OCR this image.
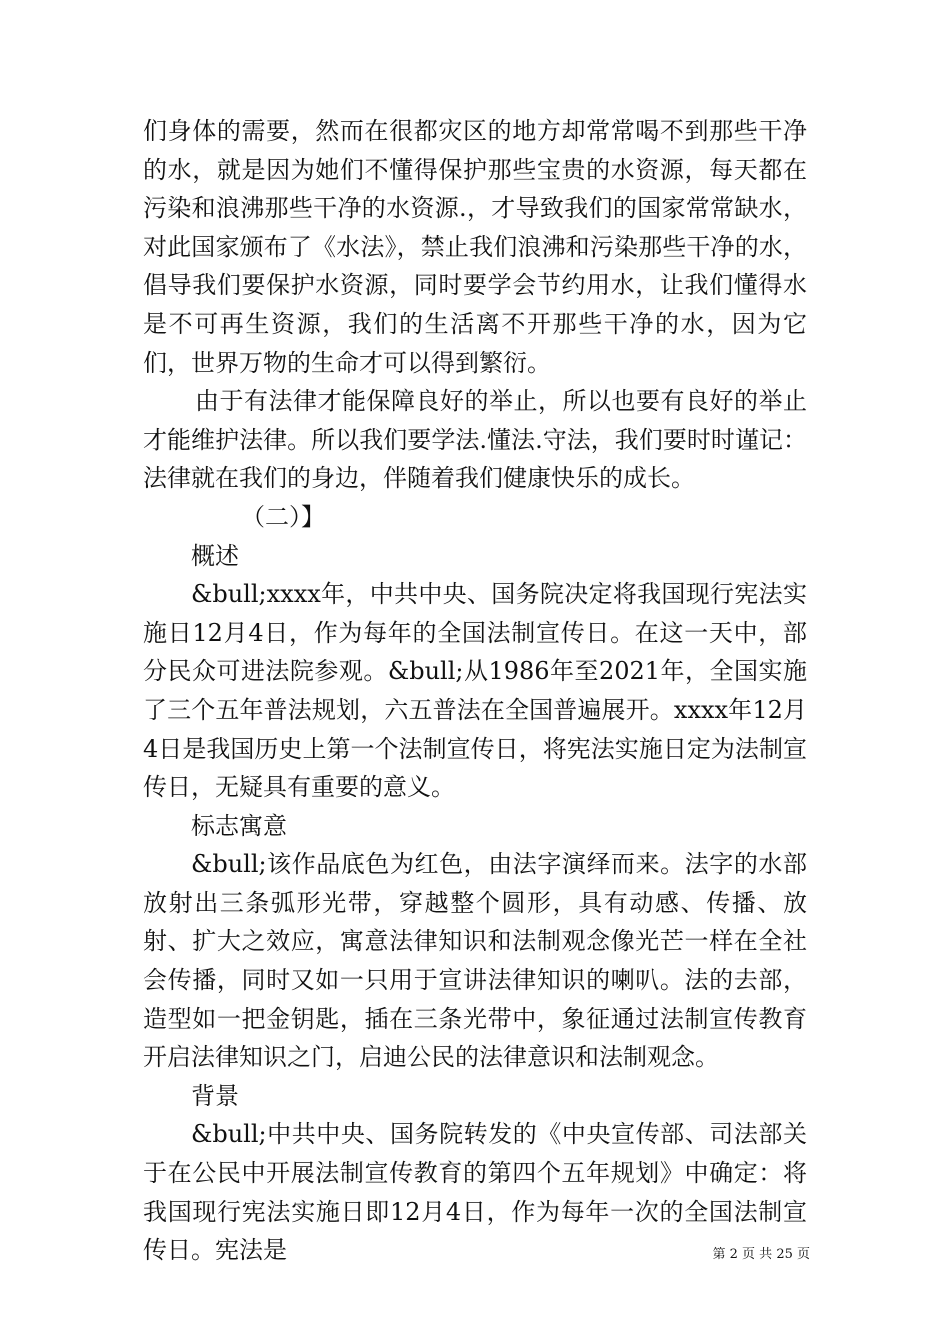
们身体的需要，然而在很都灾区的地方却常常喝不到那些干净的水，就是因为她们不懂得保护那些宝贵的水资源，每天都在污染和浪沸那些干净的水资源.，才导致我们的国家常常缺水，对此国家颁布了《水法》，禁止我们浪沸和污染那些干净的水，倡导我们要保护水资源，同时要学会节约用水，让我们懂得水是不可再生资源，我们的生活离不开那些干净的水，因为它们，世界万物的生命才可以得到繁衍。

由于有法律才能保障良好的举止，所以也要有良好的举止才能维护法律。所以我们要学法.懂法.守法，我们要时时谨记：法律就在我们的身边，伴随着我们健康快乐的成长。

（二）】

概述

&bull;xxxx年，中共中央、国务院决定将我国现行宪法实施日12月4日，作为每年的全国法制宣传日。在这一天中，部分民众可进法院参观。&bull;从1986年至2021年，全国实施了三个五年普法规划，六五普法在全国普遍展开。xxxx年12月4日是我国历史上第一个法制宣传日，将宪法实施日定为法制宣传日，无疑具有重要的意义。

标志寓意

&bull;该作品底色为红色，由法字演绎而来。法字的水部放射出三条弧形光带，穿越整个圆形，具有动感、传播、放射、扩大之效应，寓意法律知识和法制观念像光芒一样在全社会传播，同时又如一只用于宣讲法律知识的喇叭。法的去部，造型如一把金钥匙，插在三条光带中，象征通过法制宣传教育开启法律知识之门，启迪公民的法律意识和法制观念。

背景

&bull;中共中央、国务院转发的《中央宣传部、司法部关于在公民中开展法制宣传教育的第四个五年规划》中确定：将我国现行宪法实施日即12月4日，作为每年一次的全国法制宣传日。宪法是	第 2 页 共 25 页
